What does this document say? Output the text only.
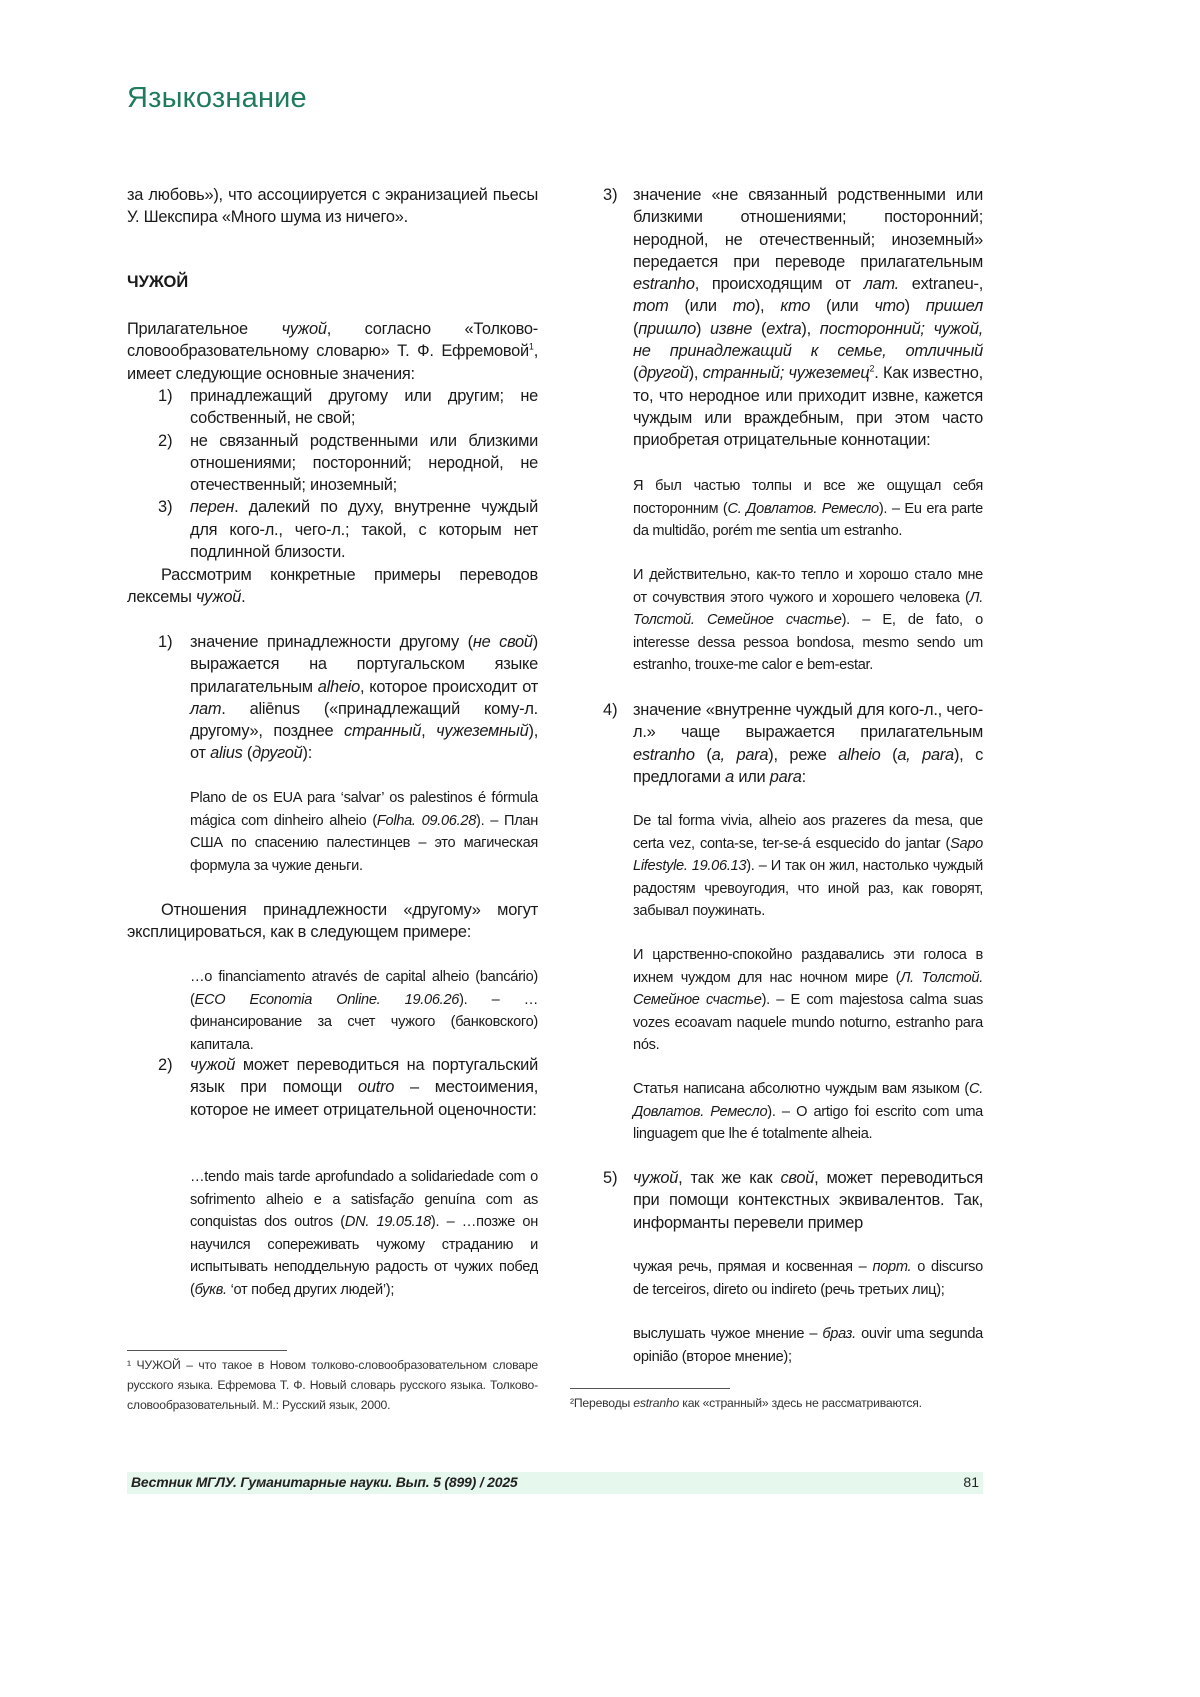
Языкознание

за любовь»), что ассоциируется с экранизацией пьесы У. Шекспира «Много шума из ничего».

ЧУЖОЙ

Прилагательное чужой, согласно «Толково-словообразовательному словарю» Т. Ф. Ефремовой1, имеет следующие основные значения:

1) принадлежащий другому или другим; не собственный, не свой;

2) не связанный родственными или близкими отношениями; посторонний; неродной, не отечественный; иноземный;

3) перен. далекий по духу, внутренне чуждый для кого-л., чего-л.; такой, с которым нет подлинной близости.

Рассмотрим конкретные примеры переводов лексемы чужой.

1) значение принадлежности другому (не свой) выражается на португальском языке прилагательным alheio, которое происходит от лат. aliēnus («принадлежащий кому-л. другому», позднее странный, чужеземный), от alius (другой):

Plano de os EUA para ‘salvar’ os palestinos é fórmula mágica com dinheiro alheio (Folha. 09.06.28). – План США по спасению палестинцев – это магическая формула за чужие деньги.

Отношения принадлежности «другому» могут эксплицироваться, как в следующем примере:

…o financiamento através de capital alheio (bancário) (ECO Economia Online. 19.06.26). – …финансирование за счет чужого (банковского) капитала.

2) чужой может переводиться на португальский язык при помощи outro – местоимения, которое не имеет отрицательной оценочности:

…tendo mais tarde aprofundado a solidariedade com o sofrimento alheio e a satisfação genuína com as conquistas dos outros (DN. 19.05.18). – …позже он научился сопереживать чужому страданию и испытывать неподдельную радость от чужих побед (букв. ‘от побед других людей’);

¹ ЧУЖОЙ – что такое в Новом толково-словообразовательном словаре русского языка. Ефремова Т. Ф. Новый словарь русского языка. Толково-словообразовательный. М.: Русский язык, 2000.

3) значение «не связанный родственными или близкими отношениями; посторонний; неродной, не отечественный; иноземный» передается при переводе прилагательным estranho, происходящим от лат. extraneu-, тот (или то), кто (или что) пришел (пришло) извне (extra), посторонний; чужой, не принадлежащий к семье, отличный (другой), странный; чужеземец2. Как известно, то, что неродное или приходит извне, кажется чуждым или враждебным, при этом часто приобретая отрицательные коннотации:

Я был частью толпы и все же ощущал себя посторонним (С. Довлатов. Ремесло). – Eu era parte da multidão, porém me sentia um estranho.

И действительно, как-то тепло и хорошо стало мне от сочувствия этого чужого и хорошего человека (Л. Толстой. Семейное счастье). – E, de fato, o interesse dessa pessoa bondosa, mesmo sendo um estranho, trouxe-me calor e bem-estar.

4) значение «внутренне чуждый для кого-л., чего-л.» чаще выражается прилагательным estranho (a, para), реже alheio (a, para), с предлогами a или para:

De tal forma vivia, alheio aos prazeres da mesa, que certa vez, conta-se, ter-se-á esquecido do jantar (Sapo Lifestyle. 19.06.13). – И так он жил, настолько чуждый радостям чревоугодия, что иной раз, как говорят, забывал поужинать.

И царственно-спокойно раздавались эти голоса в ихнем чуждом для нас ночном мире (Л. Толстой. Семейное счастье). – E com majestosa calma suas vozes ecoavam naquele mundo noturno, estranho para nós.

Статья написана абсолютно чуждым вам языком (С. Довлатов. Ремесло). – O artigo foi escrito com uma linguagem que lhe é totalmente alheia.

5) чужой, так же как свой, может переводиться при помощи контекстных эквивалентов. Так, информанты перевели пример

чужая речь, прямая и косвенная – порт. o discurso de terceiros, direto ou indireto (речь третьих лиц);

выслушать чужое мнение – браз. ouvir uma segunda opinião (второе мнение);

²Переводы estranho как «странный» здесь не рассматриваются.

Вестник МГЛУ. Гуманитарные науки. Вып. 5 (899) / 2025	81
